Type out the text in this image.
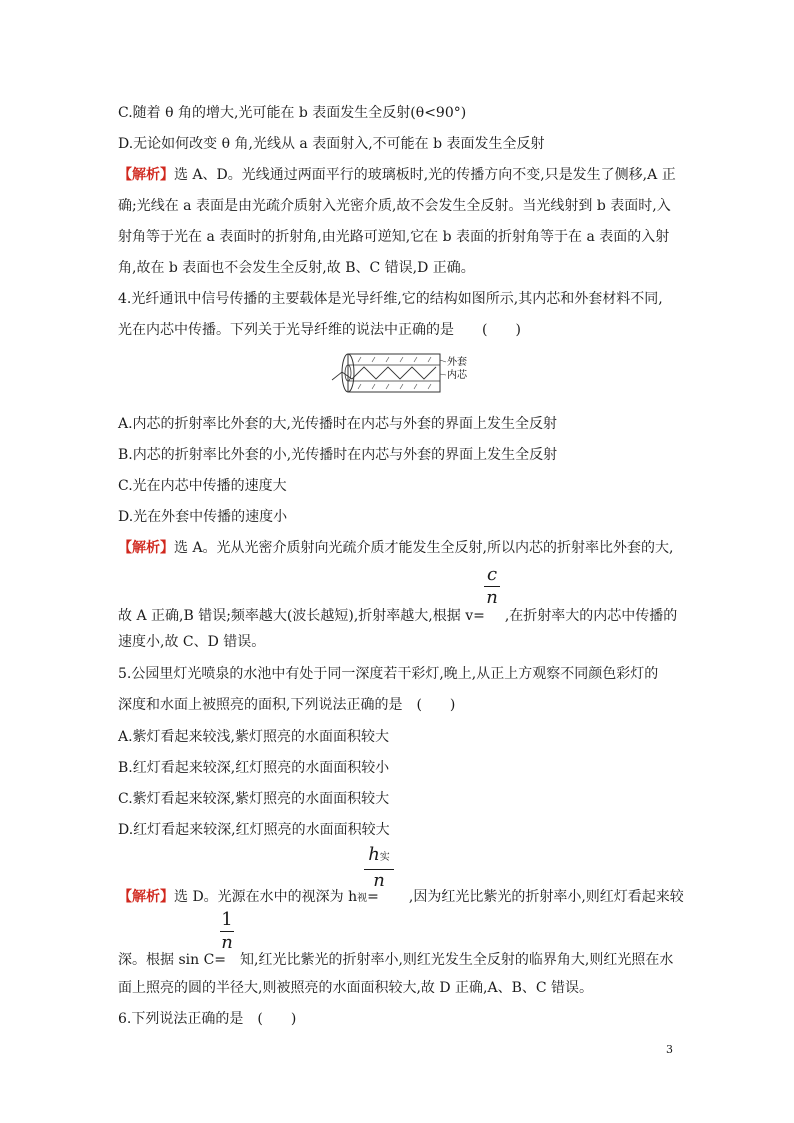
C.随着 θ 角的增大,光可能在 b 表面发生全反射(θ<90°)
D.无论如何改变 θ 角,光线从 a 表面射入,不可能在 b 表面发生全反射
【解析】选 A、D。光线通过两面平行的玻璃板时,光的传播方向不变,只是发生了侧移,A 正
确;光线在 a 表面是由光疏介质射入光密介质,故不会发生全反射。当光线射到 b 表面时,入
射角等于光在 a 表面时的折射角,由光路可逆知,它在 b 表面的折射角等于在 a 表面的入射
角,故在 b 表面也不会发生全反射,故 B、C 错误,D 正确。
4.光纤通讯中信号传播的主要载体是光导纤维,它的结构如图所示,其内芯和外套材料不同,
光在内芯中传播。下列关于光导纤维的说法中正确的是　　(　　)
外套
内芯
A.内芯的折射率比外套的大,光传播时在内芯与外套的界面上发生全反射
B.内芯的折射率比外套的小,光传播时在内芯与外套的界面上发生全反射
C.光在内芯中传播的速度大
D.光在外套中传播的速度小
【解析】选 A。光从光密介质射向光疏介质才能发生全反射,所以内芯的折射率比外套的大,
c
n
故 A 正确,B 错误;频率越大(波长越短),折射率越大,根据 v= ,在折射率大的内芯中传播的
速度小,故 C、D 错误。
5.公园里灯光喷泉的水池中有处于同一深度若干彩灯,晚上,从正上方观察不同颜色彩灯的
深度和水面上被照亮的面积,下列说法正确的是　(　　)
A.紫灯看起来较浅,紫灯照亮的水面面积较大
B.红灯看起来较深,红灯照亮的水面面积较小
C.紫灯看起来较深,紫灯照亮的水面面积较大
D.红灯看起来较深,红灯照亮的水面面积较大
h实
n
【解析】选 D。光源在水中的视深为 h视= ,因为红光比紫光的折射率小,则红灯看起来较
1
n
深。根据 sin C= 知,红光比紫光的折射率小,则红光发生全反射的临界角大,则红光照在水
面上照亮的圆的半径大,则被照亮的水面面积较大,故 D 正确,A、B、C 错误。
6.下列说法正确的是　(　　)
3
